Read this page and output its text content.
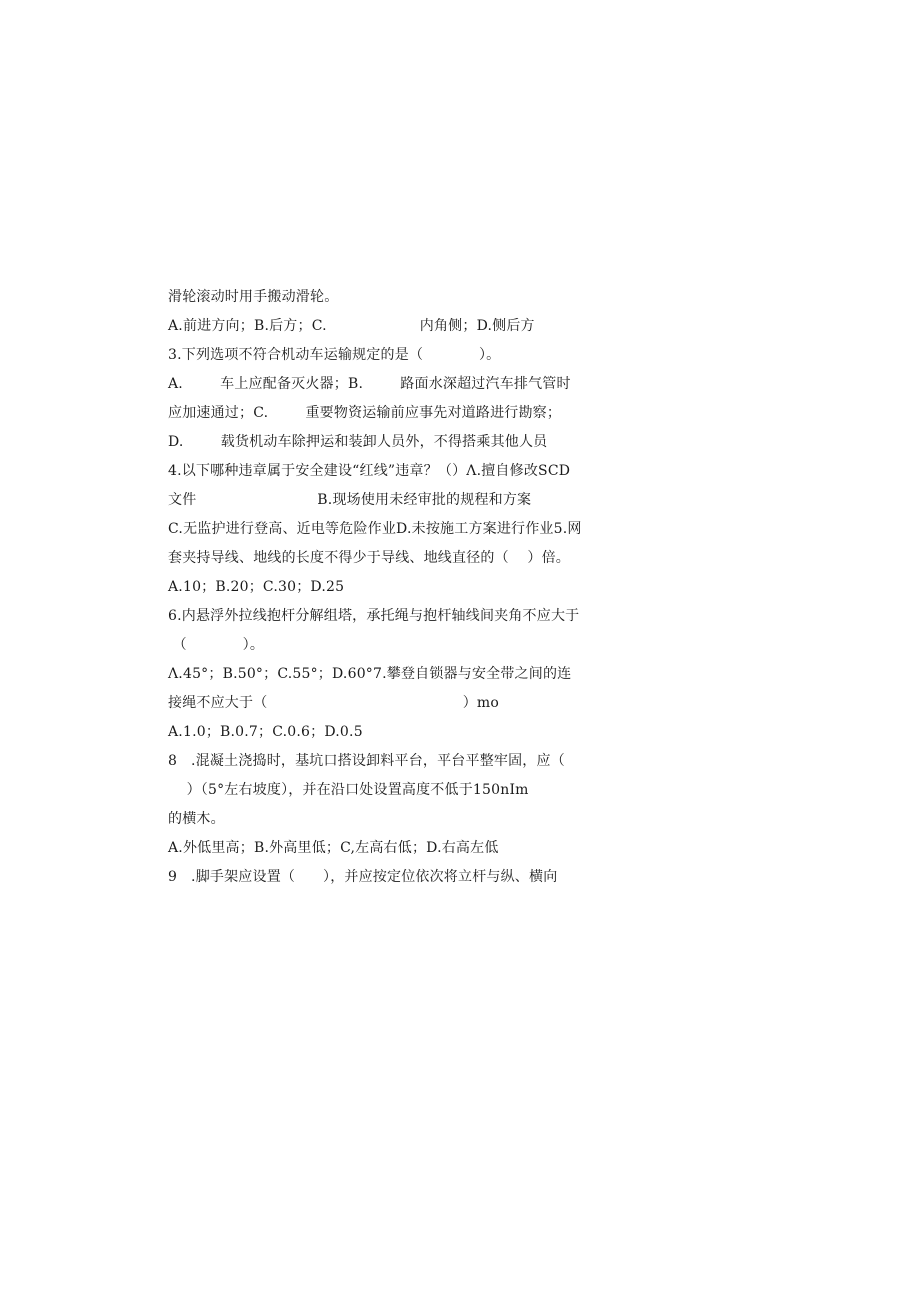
滑轮滚动时用手搬动滑轮。
A.前进方向；B.后方；C.                    内角侧；D.侧后方
3.下列选项不符合机动车运输规定的是（            ）。
A.        车上应配备灭火器；B.        路面水深超过汽车排气管时
应加速通过；C.        重要物资运输前应事先对道路进行勘察；
D.        载货机动车除押运和装卸人员外，不得搭乘其他人员
4.以下哪种违章属于安全建设“红线”违章？（）Λ.擅自修改SCD
文件                          B.现场使用未经审批的规程和方案
C.无监护进行登高、近电等危险作业D.未按施工方案进行作业5.网
套夹持导线、地线的长度不得少于导线、地线直径的（    ）倍。
A.10；B.20；C.30；D.25
6.内悬浮外拉线抱杆分解组塔，承托绳与抱杆轴线间夹角不应大于
（            ）。
Λ.45°；B.50°；C.55°；D.60°7.攀登自锁器与安全带之间的连
接绳不应大于（                                          ）mo
A.1.0；B.0.7；C.0.6；D.0.5
8   .混凝土浇捣时，基坑口搭设卸料平台，平台平整牢固，应（
）（5°左右坡度），并在沿口处设置高度不低于150nIm
的横木。
A.外低里高；B.外高里低；C,左高右低；D.右高左低
9   .脚手架应设置（      ），并应按定位依次将立杆与纵、横向
